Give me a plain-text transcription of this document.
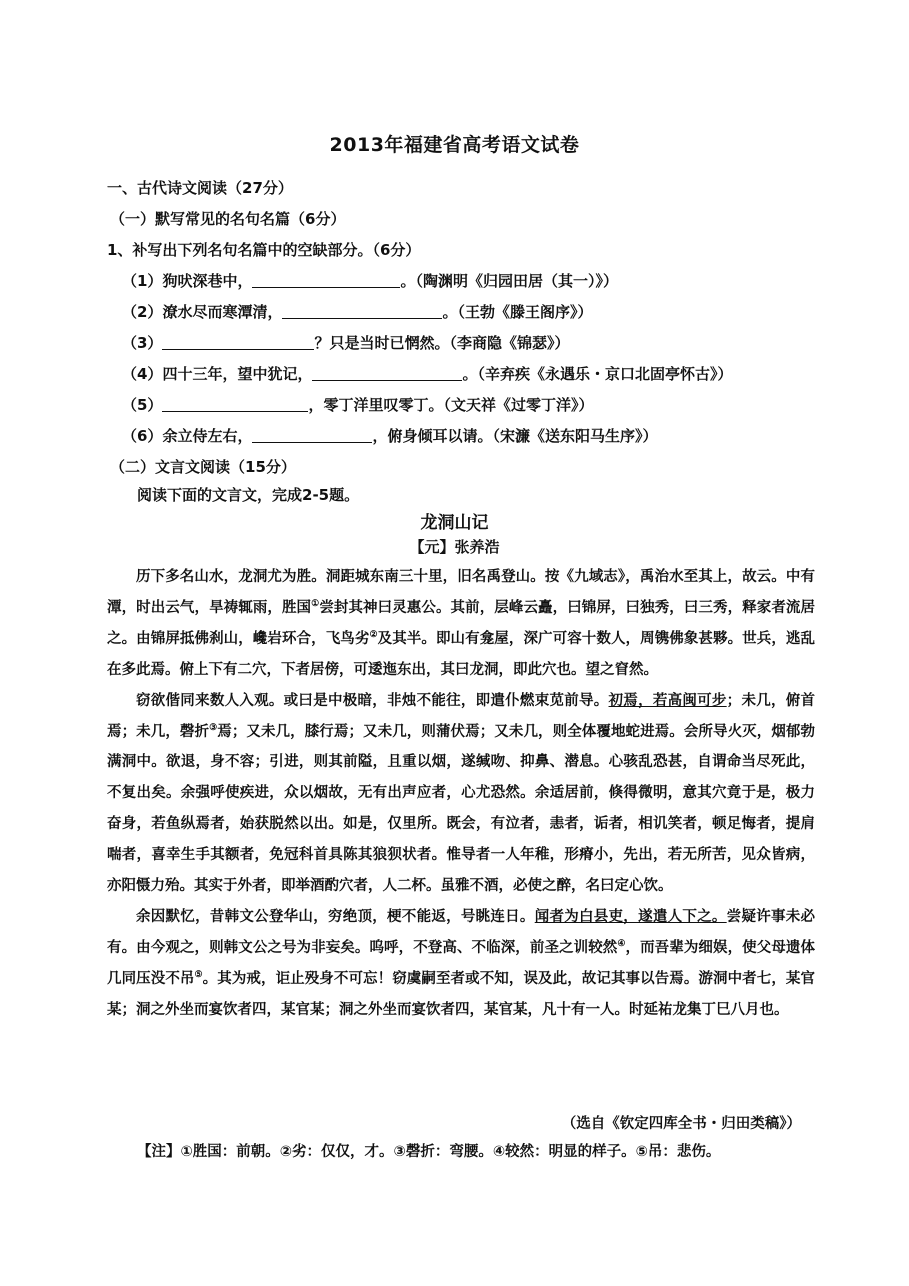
2013年福建省高考语文试卷
一、古代诗文阅读（27分）
（一）默写常见的名句名篇（6分）
1、补写出下列名句名篇中的空缺部分。（6分）
（1）狗吠深巷中，	。（陶渊明《归园田居（其一）》）
（2）潦水尽而寒潭清，	。（王勃《滕王阁序》）
（3）	？只是当时已惘然。（李商隐《锦瑟》）
（4）四十三年，望中犹记，	。（辛弃疾《永遇乐・京口北固亭怀古》）
（5）	，零丁洋里叹零丁。（文天祥《过零丁洋》）
（6）余立侍左右，	，俯身倾耳以请。（宋濂《送东阳马生序》）
（二）文言文阅读（15分）
阅读下面的文言文，完成2-5题。
龙洞山记
【元】张养浩

历下多名山水，龙洞尤为胜。洞距城东南三十里，旧名禹登山。按《九域志》，禹治水至其上，故云。中有潭，时出云气，旱祷辄雨，胜国①尝封其神曰灵惠公。其前，层峰云矗，曰锦屏，曰独秀，曰三秀，释家者流居之。由锦屏抵佛刹山，巉岩环合，飞鸟劣②及其半。即山有龛屋，深广可容十数人，周镌佛象甚夥。世兵，逃乱在多此焉。俯上下有二穴，下者居傍，可逶迤东出，其曰龙洞，即此穴也。望之窅然。

窃欲偕同来数人入观。或曰是中极暗，非烛不能往，即遣仆燃束苋前导。初焉，若高闽可步；未几，俯首焉；未几，磬折③焉；又未几，膝行焉；又未几，则蒲伏焉；又未几，则全体覆地蛇进焉。会所导火灭，烟郁勃满洞中。欲退，身不容；引进，则其前隘，且重以烟，遂缄吻、抑鼻、潜息。心骇乱恐甚，自谓命当尽死此，不复出矣。余强呼使疾进，众以烟故，无有出声应者，心尤恐然。余适居前，倏得微明，意其穴竟于是，极力奋身，若鱼纵焉者，始获脱然以出。如是，仅里所。既会，有泣者，恚者，诟者，相讥笑者，顿足悔者，提肩喘者，喜幸生手其额者，免冠科首具陈其狼狈状者。惟导者一人年稚，形瘠小，先出，若无所苦，见众皆病，亦阳慑力殆。其实于外者，即举酒酌穴者，人二杯。虽雅不酒，必使之醉，名曰定心饮。

余因默忆，昔韩文公登华山，穷绝顶，梗不能返，号眺连日。闻者为白县吏，遂遣人下之。尝疑许事未必有。由今观之，则韩文公之号为非妄矣。呜呼，不登高、不临深，前圣之训较然④，而吾辈为细娱，使父母遗体几同压没不吊⑤。其为戒，讵止殁身不可忘！窃虞嗣至者或不知，误及此，故记其事以告焉。游洞中者七，某官某；洞之外坐而宴饮者四，某官某；洞之外坐而宴饮者四，某官某，凡十有一人。时延祐龙集丁巳八月也。

（选自《钦定四库全书・归田类稿》）
【注】①胜国：前朝。②劣：仅仅，才。③磬折：弯腰。④较然：明显的样子。⑤吊：悲伤。
